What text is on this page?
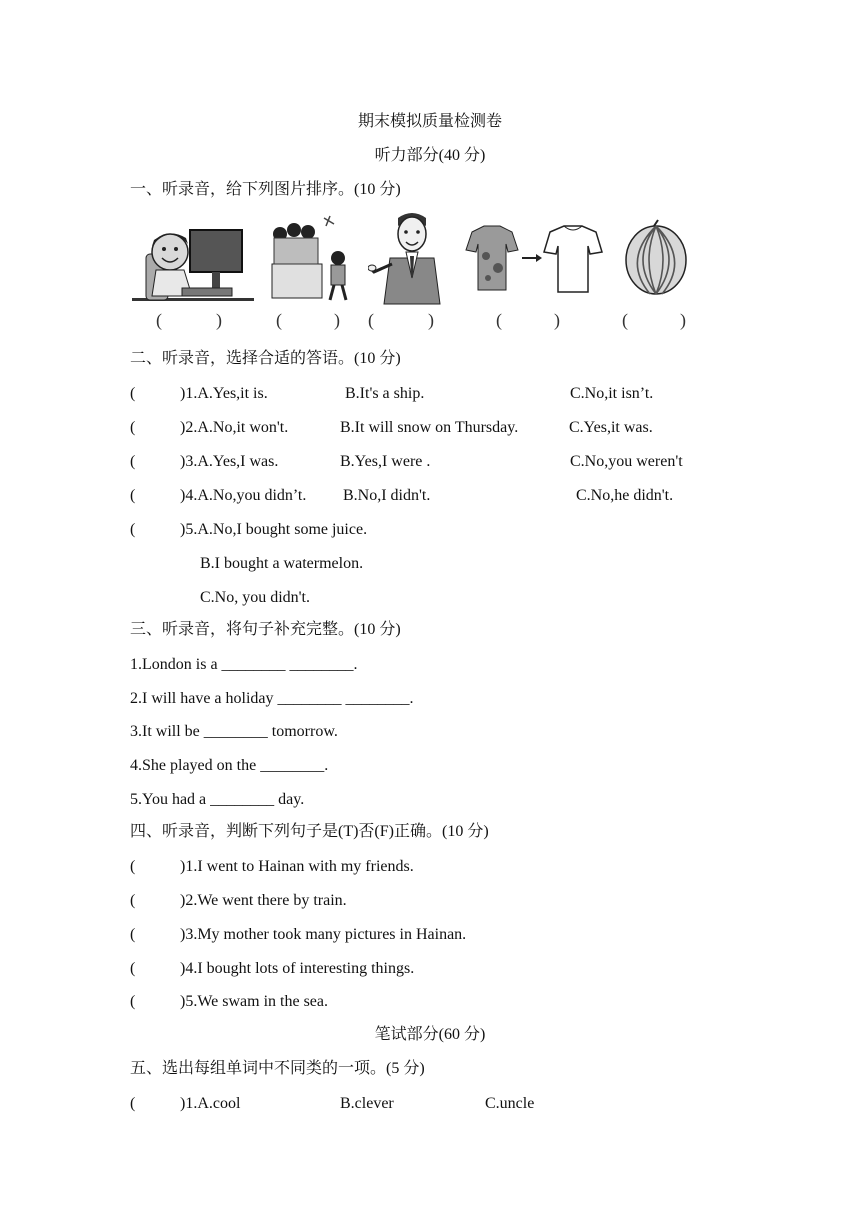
期末模拟质量检测卷
听力部分(40 分)
一、听录音，给下列图片排序。(10 分)
(	)	(	) (	)	(	)	(	)
二、听录音，选择合适的答语。(10 分)
(	)1.A.Yes,it is.	B.It's a ship.	C.No,it isn’t.
(	)2.A.No,it won't.	B.It will snow on Thursday.	C.Yes,it was.
(	)3.A.Yes,I was.	B.Yes,I were .	C.No,you weren't
(	)4.A.No,you didn’t. B.No,I didn't.	C.No,he didn't.
(	)5.A.No,I bought some juice.
B.I bought a watermelon.
C.No, you didn't.
三、听录音，将句子补充完整。(10 分)
1.London is a ________ ________.
2.I will have a holiday ________ ________.
3.It will be ________ tomorrow.
4.She played on the ________.
5.You had a ________ day.
四、听录音，判断下列句子是(T)否(F)正确。(10 分)
(	)1.I went to Hainan with my friends.
(	)2.We went there by train.
(	)3.My mother took many pictures in Hainan.
(	)4.I bought lots of interesting things.
(	)5.We swam in the sea.
笔试部分(60 分)
五、选出每组单词中不同类的一项。(5 分)
(	)1.A.cool	B.clever	C.uncle
